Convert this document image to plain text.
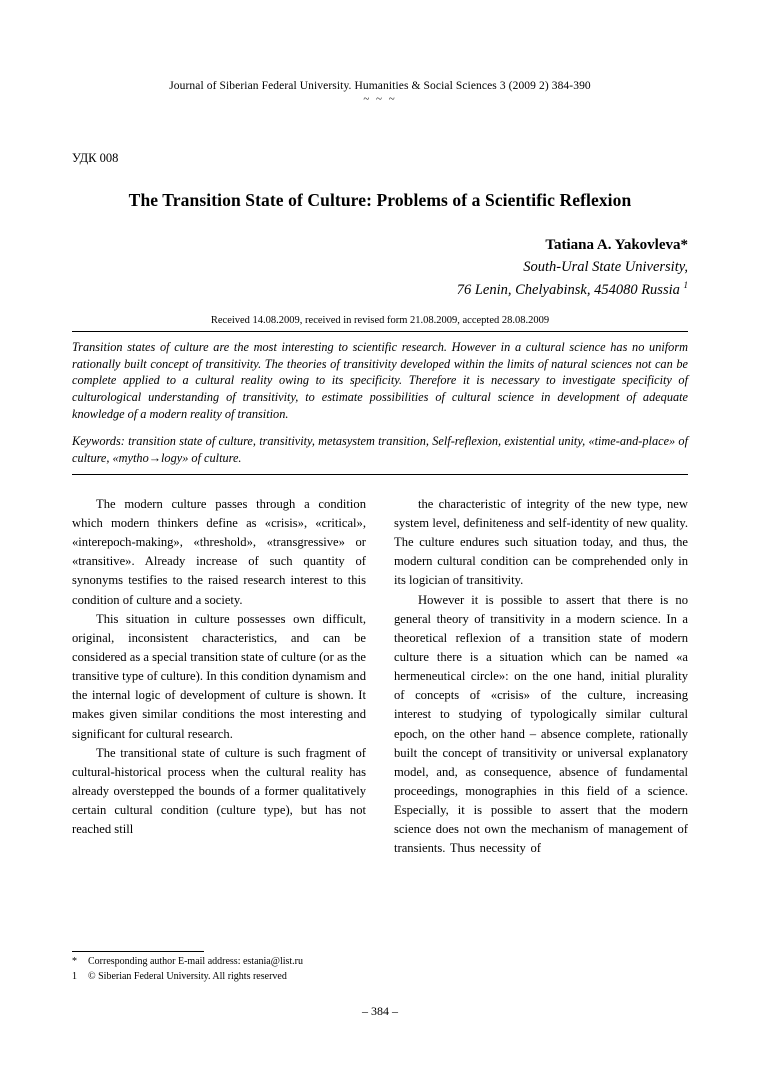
Journal of Siberian Federal University. Humanities & Social Sciences 3 (2009 2) 384-390
~ ~ ~
УДК 008
The Transition State of Culture: Problems of a Scientific Reflexion
Tatiana A. Yakovleva*
South-Ural State University,
76 Lenin, Chelyabinsk, 454080 Russia $^1$
Received 14.08.2009, received in revised form 21.08.2009, accepted 28.08.2009
Transition states of culture are the most interesting to scientific research. However in a cultural science has no uniform rationally built concept of transitivity. The theories of transitivity developed within the limits of natural sciences not can be complete applied to a cultural reality owing to its specificity. Therefore it is necessary to investigate specificity of culturological understanding of transitivity, to estimate possibilities of cultural science in development of adequate knowledge of a modern reality of transition.
Keywords: transition state of culture, transitivity, metasystem transition, Self-reflexion, existential unity, «time-and-place» of culture, «mytho→logy» of culture.

The modern culture passes through a condition which modern thinkers define as «crisis», «critical», «interepoch-making», «threshold», «transgressive» or «transitive». Already increase of such quantity of synonyms testifies to the raised research interest to this condition of culture and a society.

This situation in culture possesses own difficult, original, inconsistent characteristics, and can be considered as a special transition state of culture (or as the transitive type of culture). In this condition dynamism and the internal logic of development of culture is shown. It makes given similar conditions the most interesting and significant for cultural research.

The transitional state of culture is such fragment of cultural-historical process when the cultural reality has already overstepped the bounds of a former qualitatively certain cultural condition (culture type), but has not reached still

the characteristic of integrity of the new type, new system level, definiteness and self-identity of new quality. The culture endures such situation today, and thus, the modern cultural condition can be comprehended only in its logician of transitivity.

However it is possible to assert that there is no general theory of transitivity in a modern science. In a theoretical reflexion of a transition state of modern culture there is a situation which can be named «a hermeneutical circle»: on the one hand, initial plurality of concepts of «crisis» of the culture, increasing interest to studying of typologically similar cultural epoch, on the other hand – absence complete, rationally built the concept of transitivity or universal explanatory model, and, as consequence, absence of fundamental proceedings, monographies in this field of a science. Especially, it is possible to assert that the modern science does not own the mechanism of management of transients. Thus necessity of

*	Corresponding author E-mail address: estania@list.ru
1	© Siberian Federal University. All rights reserved
– 384 –
